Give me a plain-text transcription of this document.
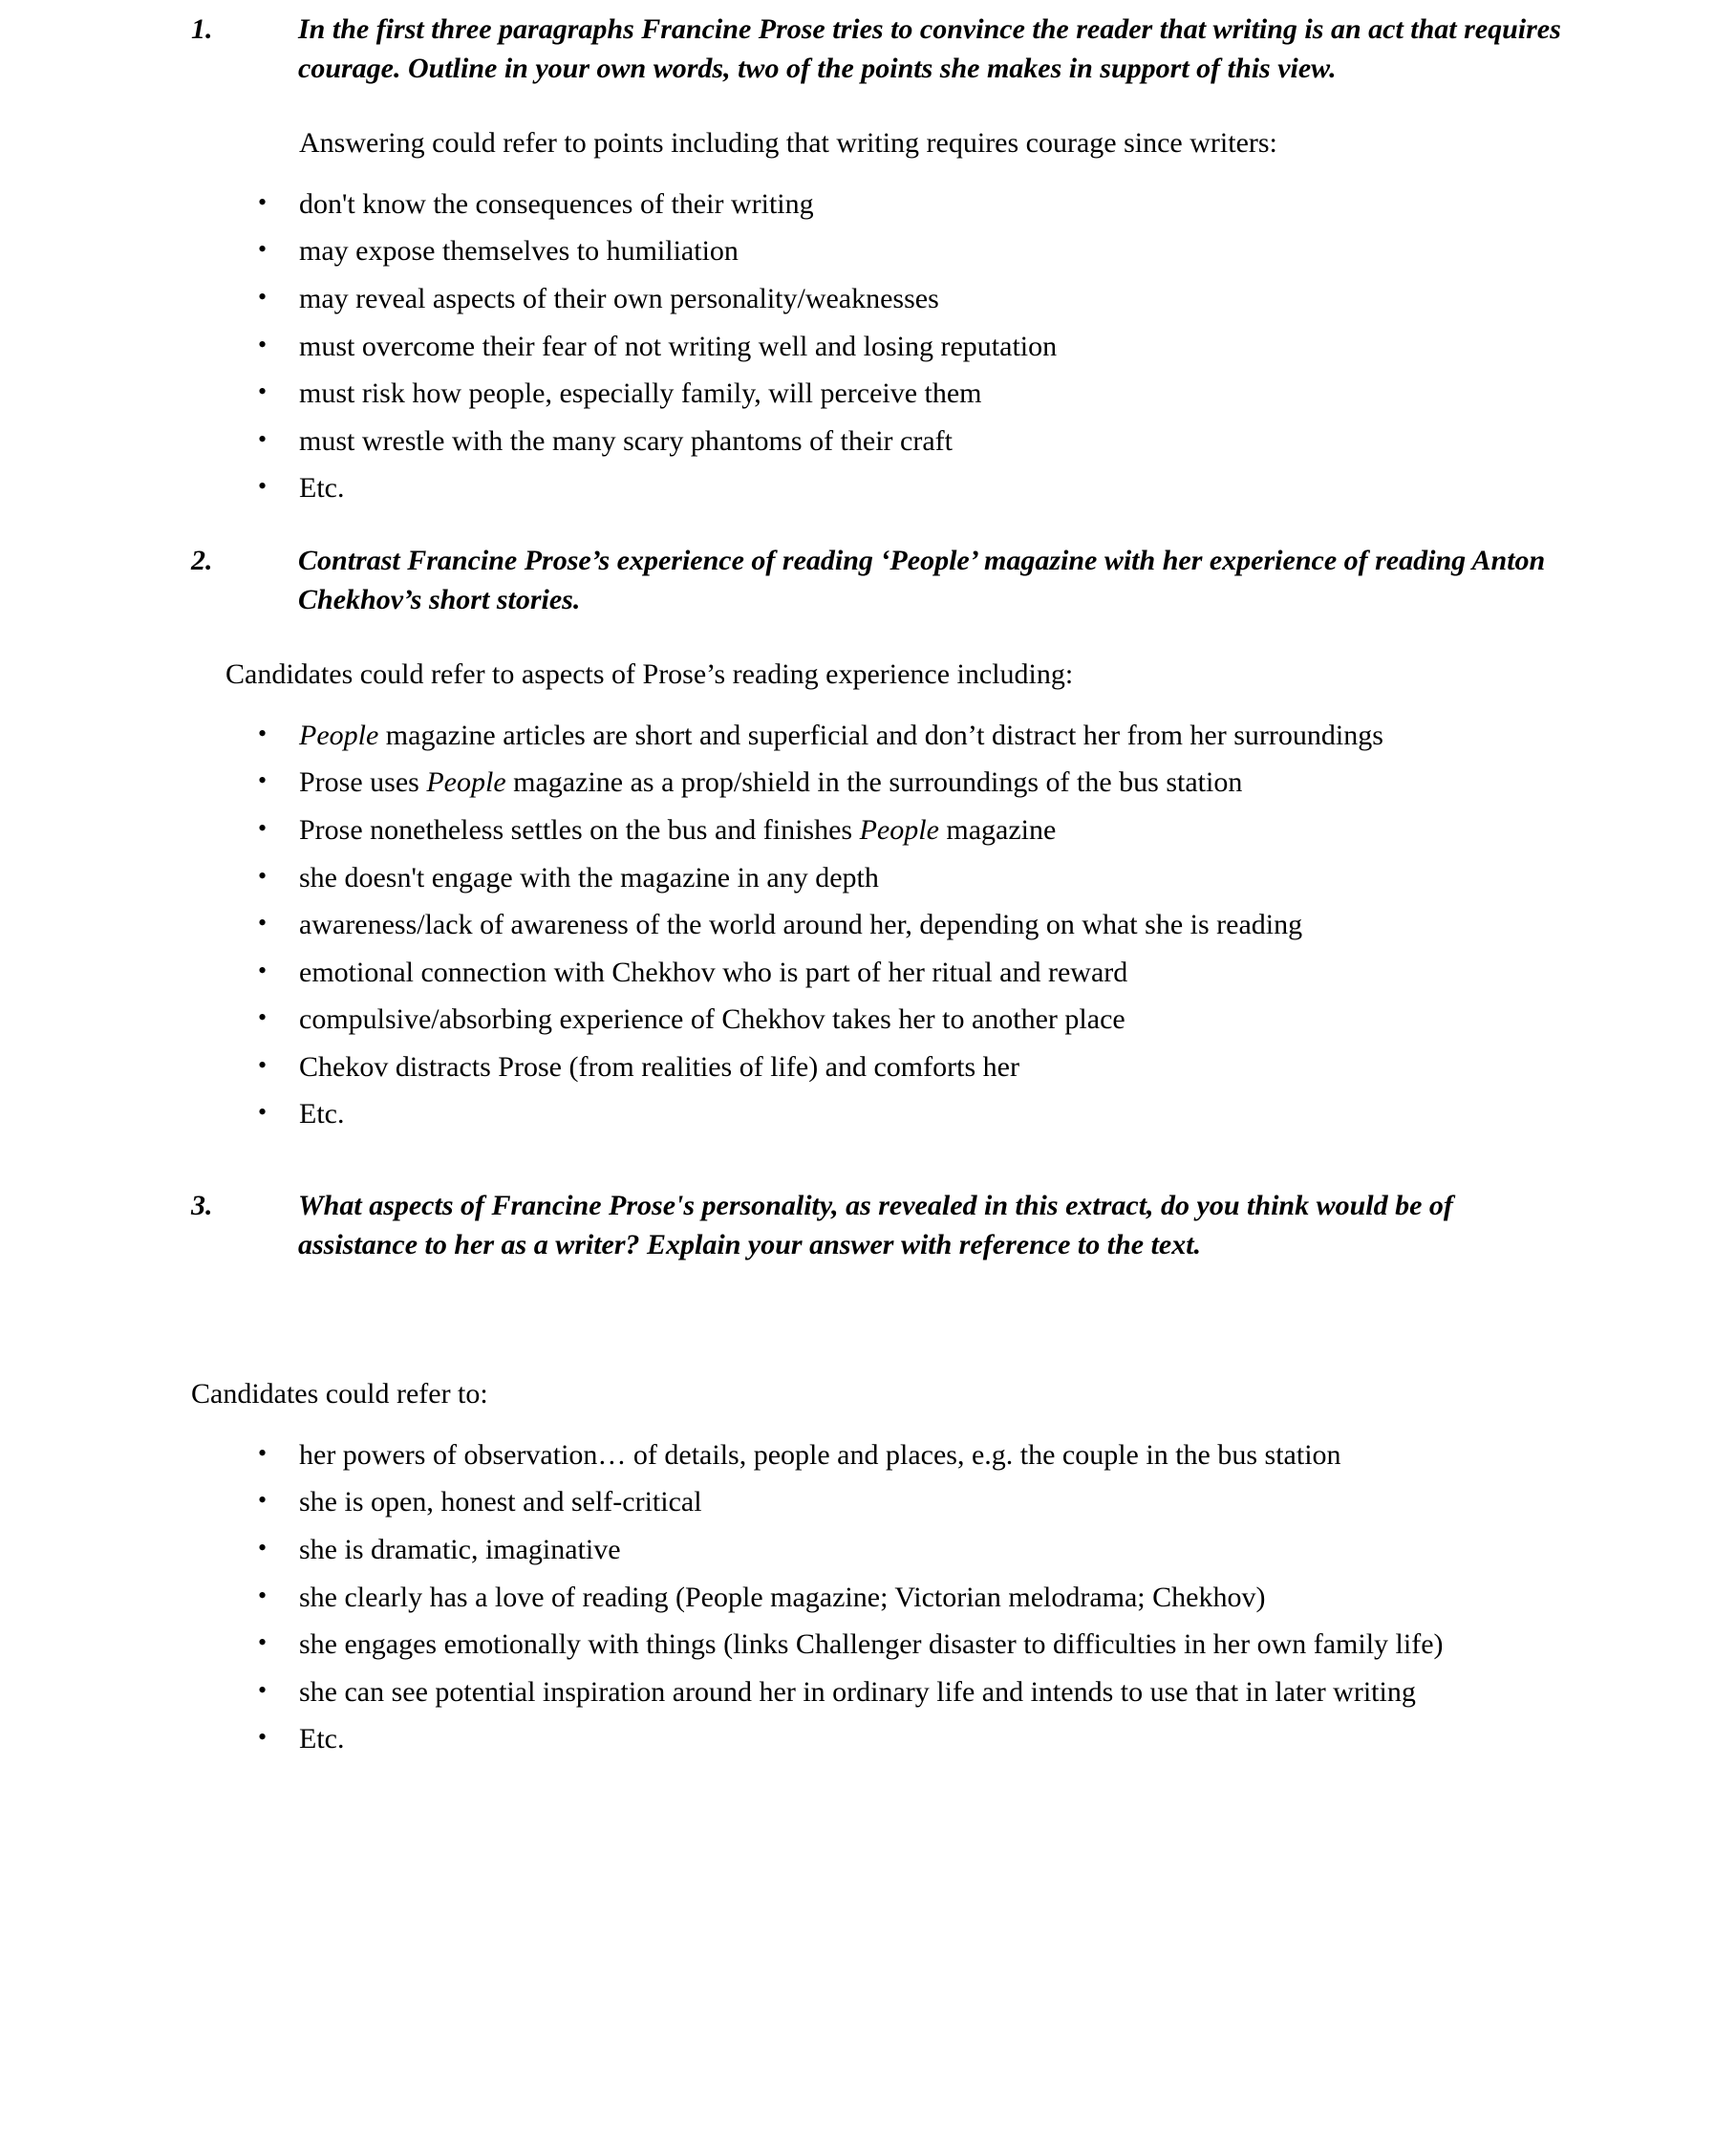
1.	In the first three paragraphs Francine Prose tries to convince the reader that writing is an act that requires courage. Outline in your own words, two of the points she makes in support of this view.
Answering could refer to points including that writing requires courage since writers:
• don't know the consequences of their writing
• may expose themselves to humiliation
• may reveal aspects of their own personality/weaknesses
• must overcome their fear of not writing well and losing reputation
• must risk how people, especially family, will perceive them
• must wrestle with the many scary phantoms of their craft
• Etc.
2.	Contrast Francine Prose’s experience of reading ‘People’ magazine with her experience of reading Anton Chekhov’s short stories.
Candidates could refer to aspects of Prose’s reading experience including:
• People magazine articles are short and superficial and don’t distract her from her surroundings
• Prose uses People magazine as a prop/shield in the surroundings of the bus station
• Prose nonetheless settles on the bus and finishes People magazine
• she doesn't engage with the magazine in any depth
• awareness/lack of awareness of the world around her, depending on what she is reading
• emotional connection with Chekhov who is part of her ritual and reward
• compulsive/absorbing experience of Chekhov takes her to another place
• Chekov distracts Prose (from realities of life) and comforts her
• Etc.
3.	What aspects of Francine Prose's personality, as revealed in this extract, do you think would be of assistance to her as a writer? Explain your answer with reference to the text.
Candidates could refer to:
• her powers of observation… of details, people and places, e.g. the couple in the bus station
• she is open, honest and self-critical
• she is dramatic, imaginative
• she clearly has a love of reading (People magazine; Victorian melodrama; Chekhov)
• she engages emotionally with things (links Challenger disaster to difficulties in her own family life)
• she can see potential inspiration around her in ordinary life and intends to use that in later writing
• Etc.
